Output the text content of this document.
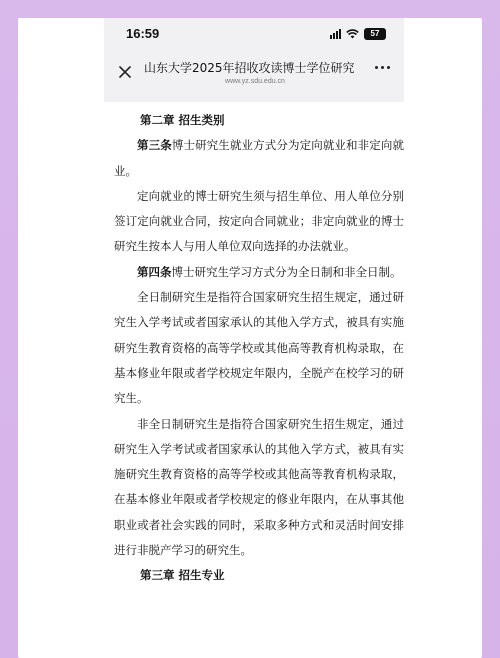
16:59	57
山东大学2025年招收攻读博士学位研究
www.yz.sdu.edu.cn
第二章 招生类别

第三条博士研究生就业方式分为定向就业和非定向就业。

定向就业的博士研究生须与招生单位、用人单位分别签订定向就业合同，按定向合同就业；非定向就业的博士研究生按本人与用人单位双向选择的办法就业。

第四条博士研究生学习方式分为全日制和非全日制。

全日制研究生是指符合国家研究生招生规定，通过研究生入学考试或者国家承认的其他入学方式，被具有实施研究生教育资格的高等学校或其他高等教育机构录取，在基本修业年限或者学校规定年限内，全脱产在校学习的研究生。

非全日制研究生是指符合国家研究生招生规定，通过研究生入学考试或者国家承认的其他入学方式，被具有实施研究生教育资格的高等学校或其他高等教育机构录取，在基本修业年限或者学校规定的修业年限内，在从事其他职业或者社会实践的同时，采取多种方式和灵活时间安排进行非脱产学习的研究生。

第三章 招生专业
